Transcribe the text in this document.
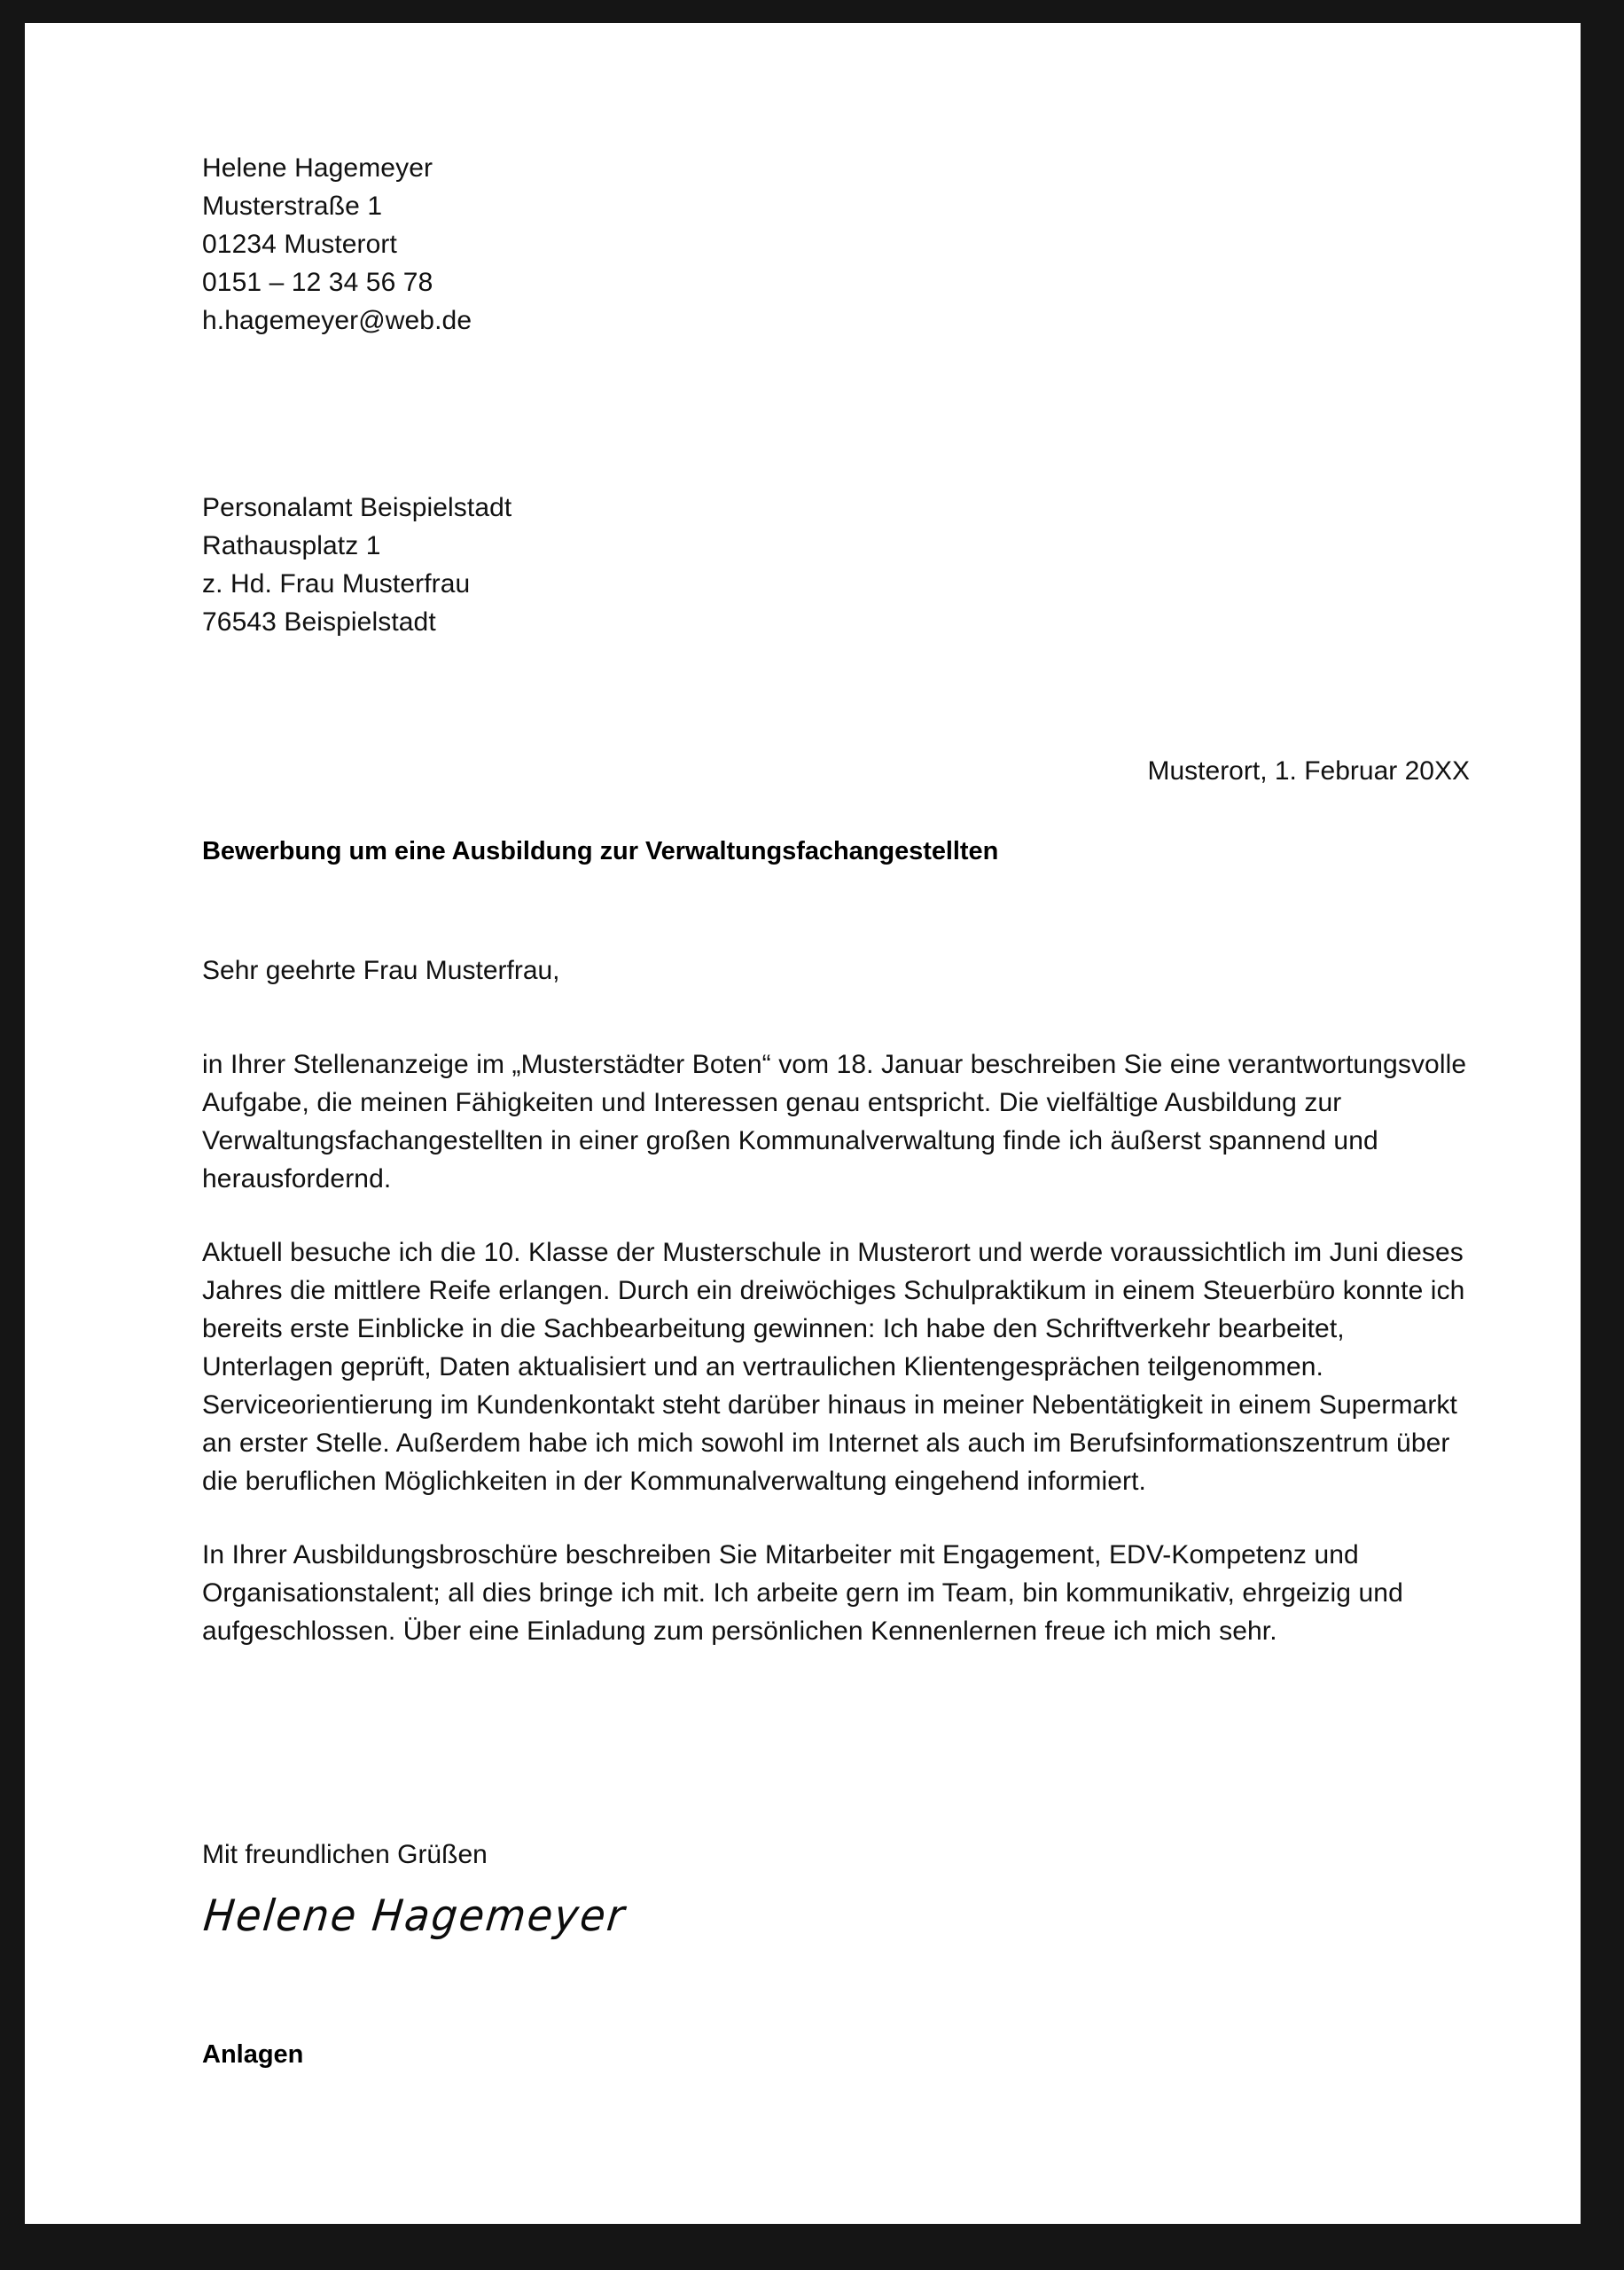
Helene Hagemeyer
Musterstraße 1
01234 Musterort
0151 – 12 34 56 78
h.hagemeyer@web.de
Personalamt Beispielstadt
Rathausplatz 1
z. Hd. Frau Musterfrau
76543 Beispielstadt
Musterort, 1. Februar 20XX
Bewerbung um eine Ausbildung zur Verwaltungsfachangestellten
Sehr geehrte Frau Musterfrau,

in Ihrer Stellenanzeige im „Musterstädter Boten“ vom 18. Januar beschreiben Sie eine verantwortungsvolle Aufgabe, die meinen Fähigkeiten und Interessen genau entspricht. Die vielfältige Ausbildung zur Verwaltungsfachangestellten in einer großen Kommunalverwaltung finde ich äußerst spannend und herausfordernd.

Aktuell besuche ich die 10. Klasse der Musterschule in Musterort und werde voraussichtlich im Juni dieses Jahres die mittlere Reife erlangen. Durch ein dreiwöchiges Schulpraktikum in einem Steuerbüro konnte ich bereits erste Einblicke in die Sachbearbeitung gewinnen: Ich habe den Schriftverkehr bearbeitet, Unterlagen geprüft, Daten aktualisiert und an vertraulichen Klientengesprächen teilgenommen. Serviceorientierung im Kundenkontakt steht darüber hinaus in meiner Nebentätigkeit in einem Supermarkt an erster Stelle. Außerdem habe ich mich sowohl im Internet als auch im Berufsinformationszentrum über die beruflichen Möglichkeiten in der Kommunalverwaltung eingehend informiert.

In Ihrer Ausbildungsbroschüre beschreiben Sie Mitarbeiter mit Engagement, EDV-Kompetenz und Organisationstalent; all dies bringe ich mit. Ich arbeite gern im Team, bin kommunikativ, ehrgeizig und aufgeschlossen. Über eine Einladung zum persönlichen Kennenlernen freue ich mich sehr.

Mit freundlichen Grüßen
Helene Hagemeyer
Anlagen
